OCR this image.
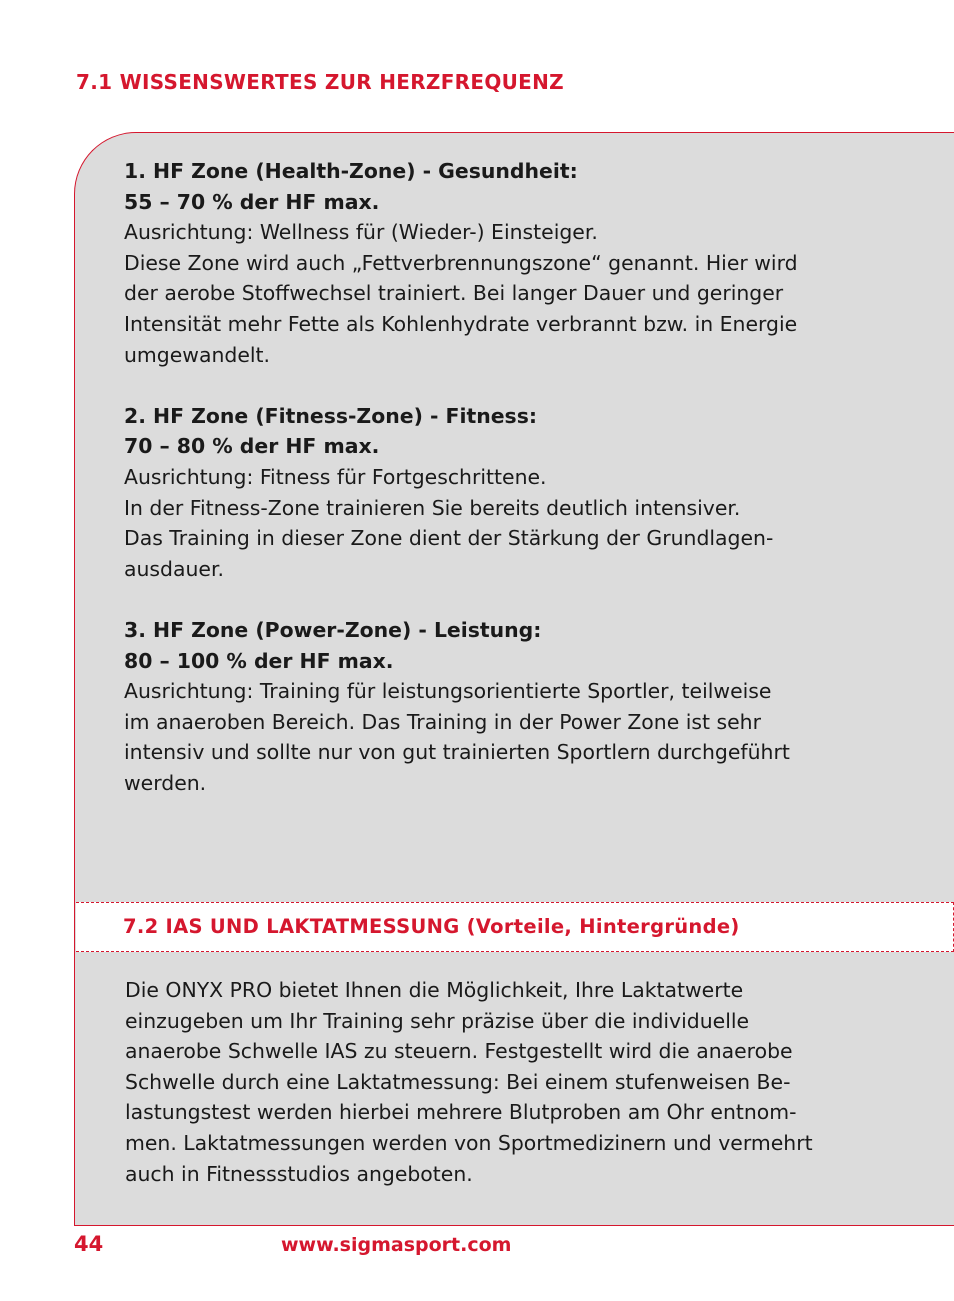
7.1 WISSENSWERTES ZUR HERZFREQUENZ

1. HF Zone (Health-Zone) - Gesundheit:

55 – 70 % der HF max.

Ausrichtung: Wellness für (Wieder-) Einsteiger.

Diese Zone wird auch „Fettverbrennungszone“ genannt. Hier wird

der aerobe Stoffwechsel trainiert. Bei langer Dauer und geringer

Intensität mehr Fette als Kohlenhydrate verbrannt bzw. in Energie

umgewandelt.

2. HF Zone (Fitness-Zone) - Fitness:

70 – 80 % der HF max.

Ausrichtung: Fitness für Fortgeschrittene.

In der Fitness-Zone trainieren Sie bereits deutlich intensiver.

Das Training in dieser Zone dient der Stärkung der Grundlagen-

ausdauer.

3. HF Zone (Power-Zone) - Leistung:

80 – 100 % der HF max.

Ausrichtung: Training für leistungsorientierte Sportler, teilweise

im anaeroben Bereich. Das Training in der Power Zone ist sehr

intensiv und sollte nur von gut trainierten Sportlern durchgeführt

werden.

7.2 IAS UND LAKTATMESSUNG (Vorteile, Hintergründe)

Die ONYX PRO bietet Ihnen die Möglichkeit, Ihre Laktatwerte

einzugeben um Ihr Training sehr präzise über die individuelle

anaerobe Schwelle IAS zu steuern. Festgestellt wird die anaerobe

Schwelle durch eine Laktatmessung: Bei einem stufenweisen Be-

lastungstest werden hierbei mehrere Blutproben am Ohr entnom-

men. Laktatmessungen werden von Sportmedizinern und vermehrt

auch in Fitnessstudios angeboten.

44	www.sigmasport.com
